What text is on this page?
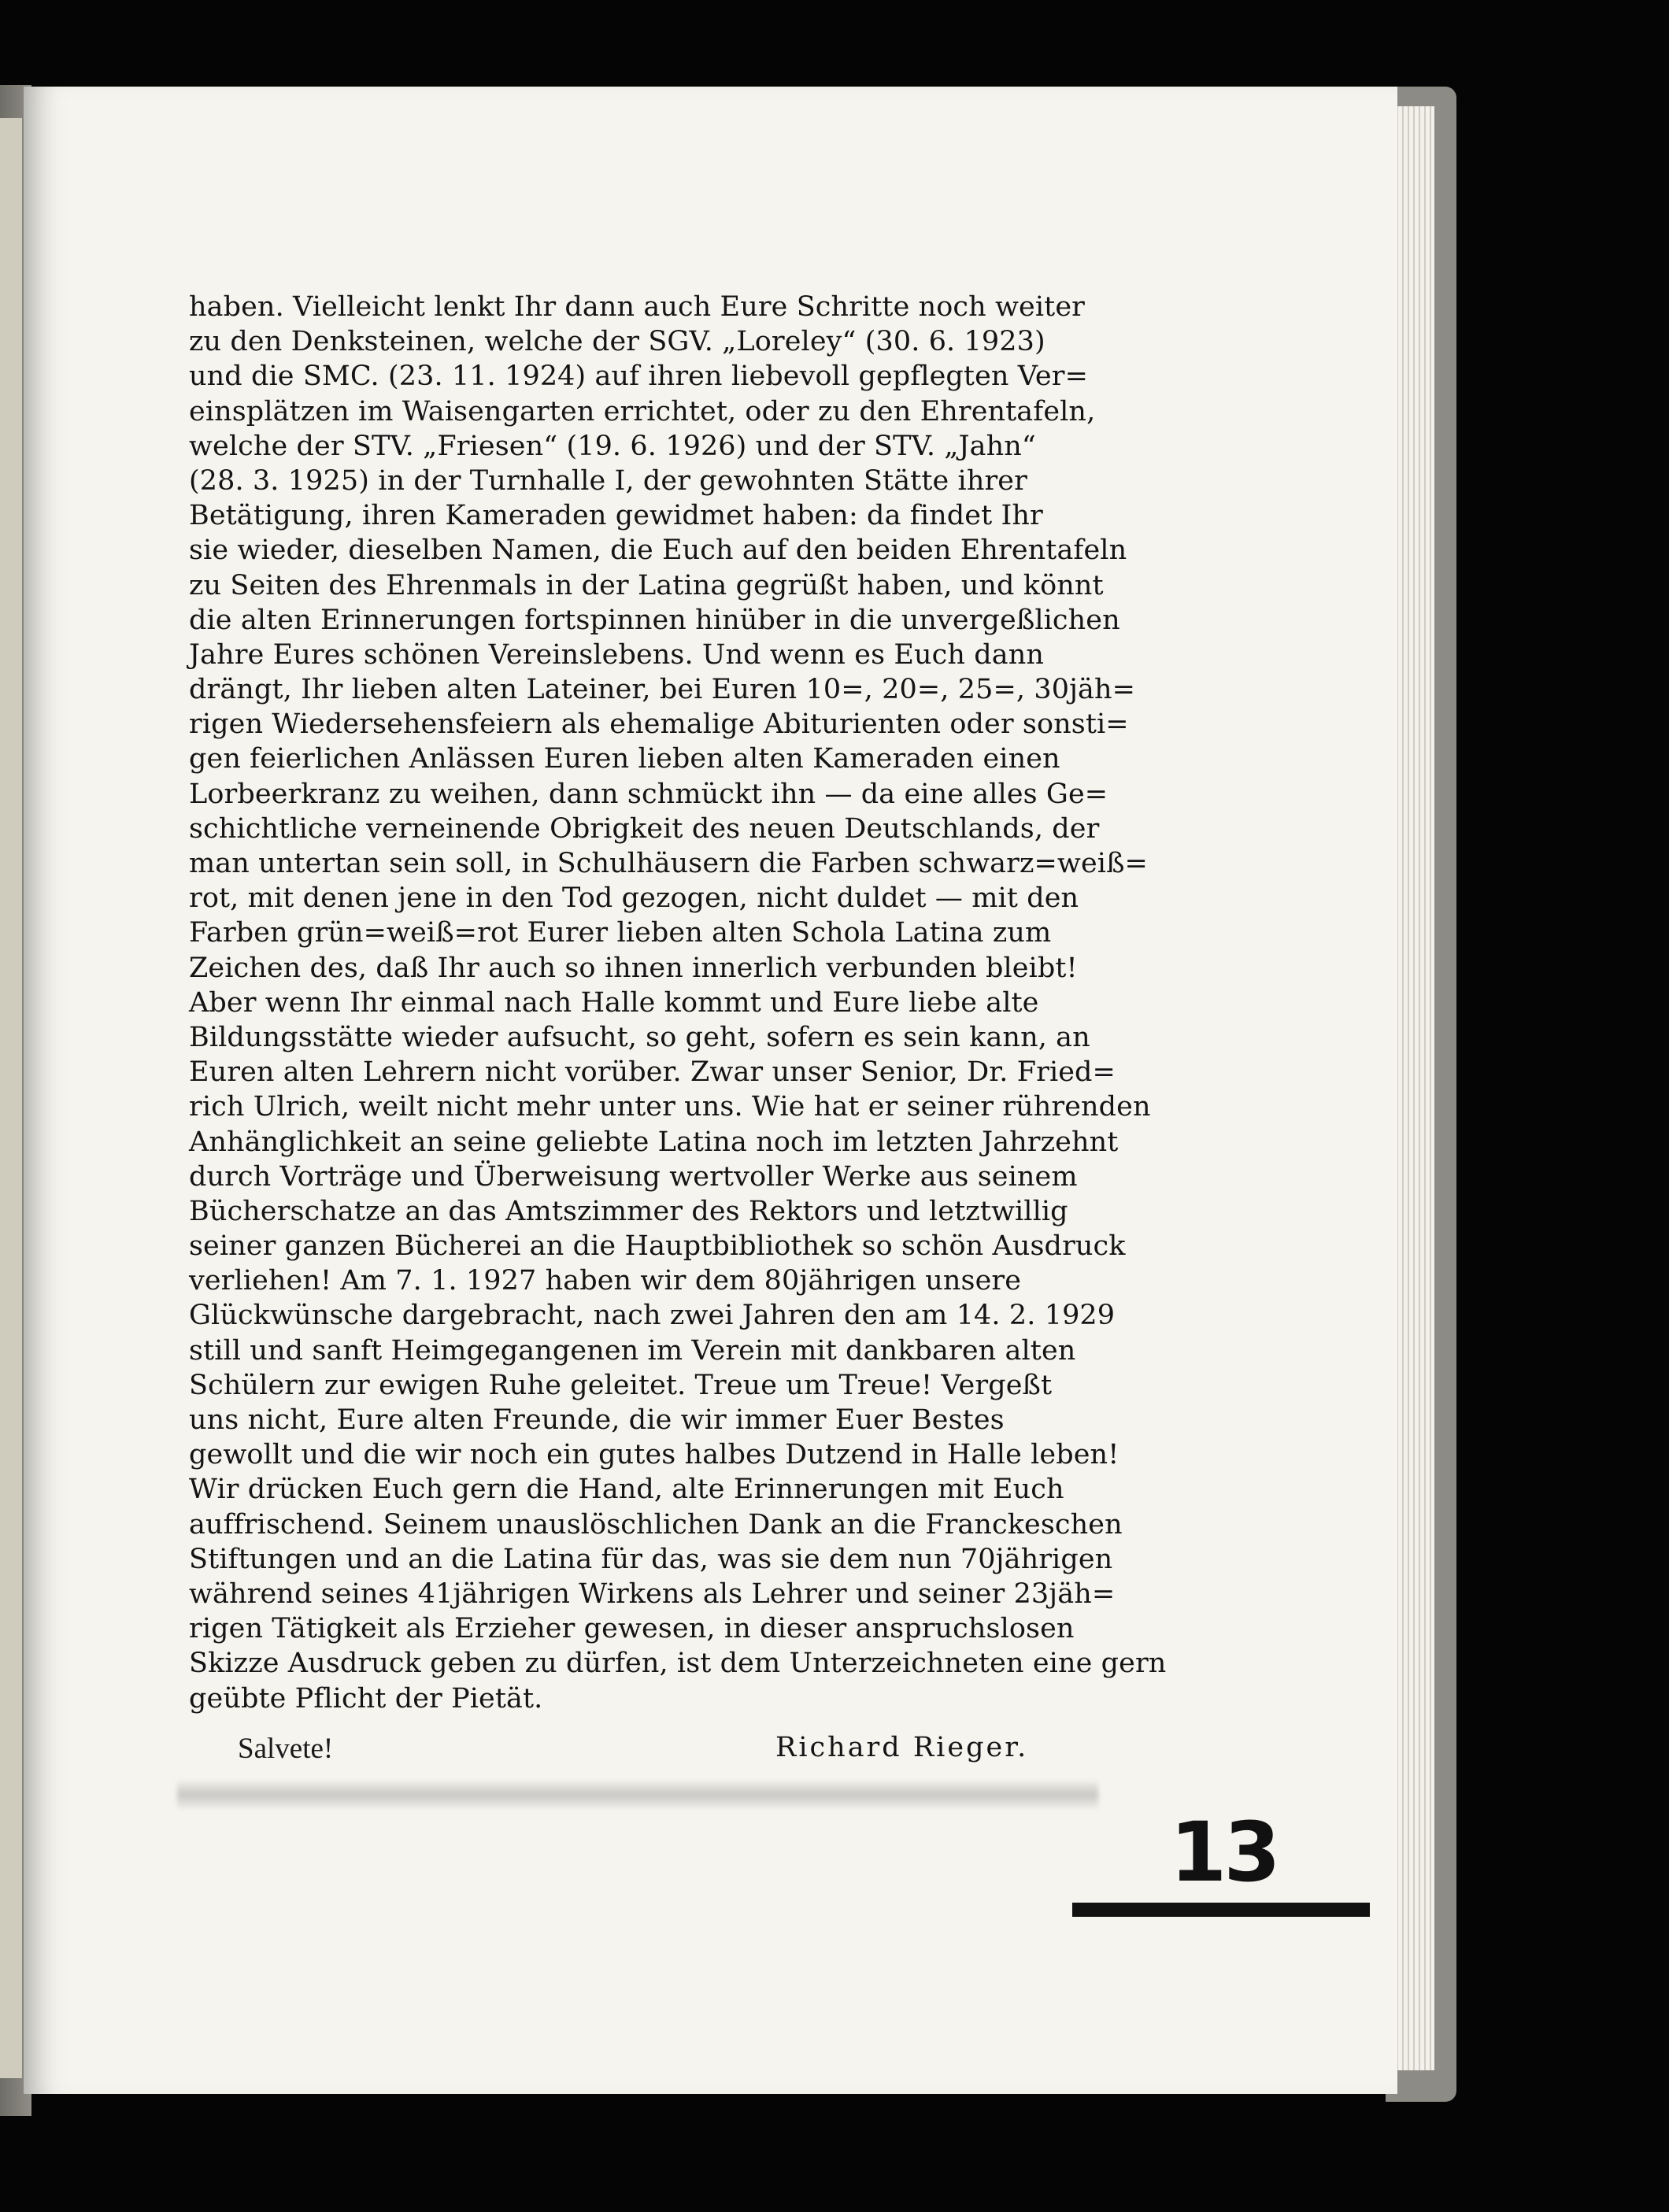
haben. Vielleicht lenkt Ihr dann auch Eure Schritte noch weiter
zu den Denksteinen, welche der SGV. „Loreley“ (30. 6. 1923)
und die SMC. (23. 11. 1924) auf ihren liebevoll gepflegten Ver=
einsplätzen im Waisengarten errichtet, oder zu den Ehrentafeln,
welche der STV. „Friesen“ (19. 6. 1926) und der STV. „Jahn“
(28. 3. 1925) in der Turnhalle I, der gewohnten Stätte ihrer
Betätigung, ihren Kameraden gewidmet haben: da findet Ihr
sie wieder, dieselben Namen, die Euch auf den beiden Ehrentafeln
zu Seiten des Ehrenmals in der Latina gegrüßt haben, und könnt
die alten Erinnerungen fortspinnen hinüber in die unvergeßlichen
Jahre Eures schönen Vereinslebens. Und wenn es Euch dann
drängt, Ihr lieben alten Lateiner, bei Euren 10=, 20=, 25=, 30jäh=
rigen Wiedersehensfeiern als ehemalige Abiturienten oder sonsti=
gen feierlichen Anlässen Euren lieben alten Kameraden einen
Lorbeerkranz zu weihen, dann schmückt ihn — da eine alles Ge=
schichtliche verneinende Obrigkeit des neuen Deutschlands, der
man untertan sein soll, in Schulhäusern die Farben schwarz=weiß=
rot, mit denen jene in den Tod gezogen, nicht duldet — mit den
Farben grün=weiß=rot Eurer lieben alten Schola Latina zum
Zeichen des, daß Ihr auch so ihnen innerlich verbunden bleibt!
Aber wenn Ihr einmal nach Halle kommt und Eure liebe alte
Bildungsstätte wieder aufsucht, so geht, sofern es sein kann, an
Euren alten Lehrern nicht vorüber. Zwar unser Senior, Dr. Fried=
rich Ulrich, weilt nicht mehr unter uns. Wie hat er seiner rührenden
Anhänglichkeit an seine geliebte Latina noch im letzten Jahrzehnt
durch Vorträge und Überweisung wertvoller Werke aus seinem
Bücherschatze an das Amtszimmer des Rektors und letztwillig
seiner ganzen Bücherei an die Hauptbibliothek so schön Ausdruck
verliehen! Am 7. 1. 1927 haben wir dem 80jährigen unsere
Glückwünsche dargebracht, nach zwei Jahren den am 14. 2. 1929
still und sanft Heimgegangenen im Verein mit dankbaren alten
Schülern zur ewigen Ruhe geleitet. Treue um Treue! Vergeßt
uns nicht, Eure alten Freunde, die wir immer Euer Bestes
gewollt und die wir noch ein gutes halbes Dutzend in Halle leben!
Wir drücken Euch gern die Hand, alte Erinnerungen mit Euch
auffrischend. Seinem unauslöschlichen Dank an die Franckeschen
Stiftungen und an die Latina für das, was sie dem nun 70jährigen
während seines 41jährigen Wirkens als Lehrer und seiner 23jäh=
rigen Tätigkeit als Erzieher gewesen, in dieser anspruchslosen
Skizze Ausdruck geben zu dürfen, ist dem Unterzeichneten eine gern
geübte Pflicht der Pietät.
Salvete!	Richard Rieger.
13
